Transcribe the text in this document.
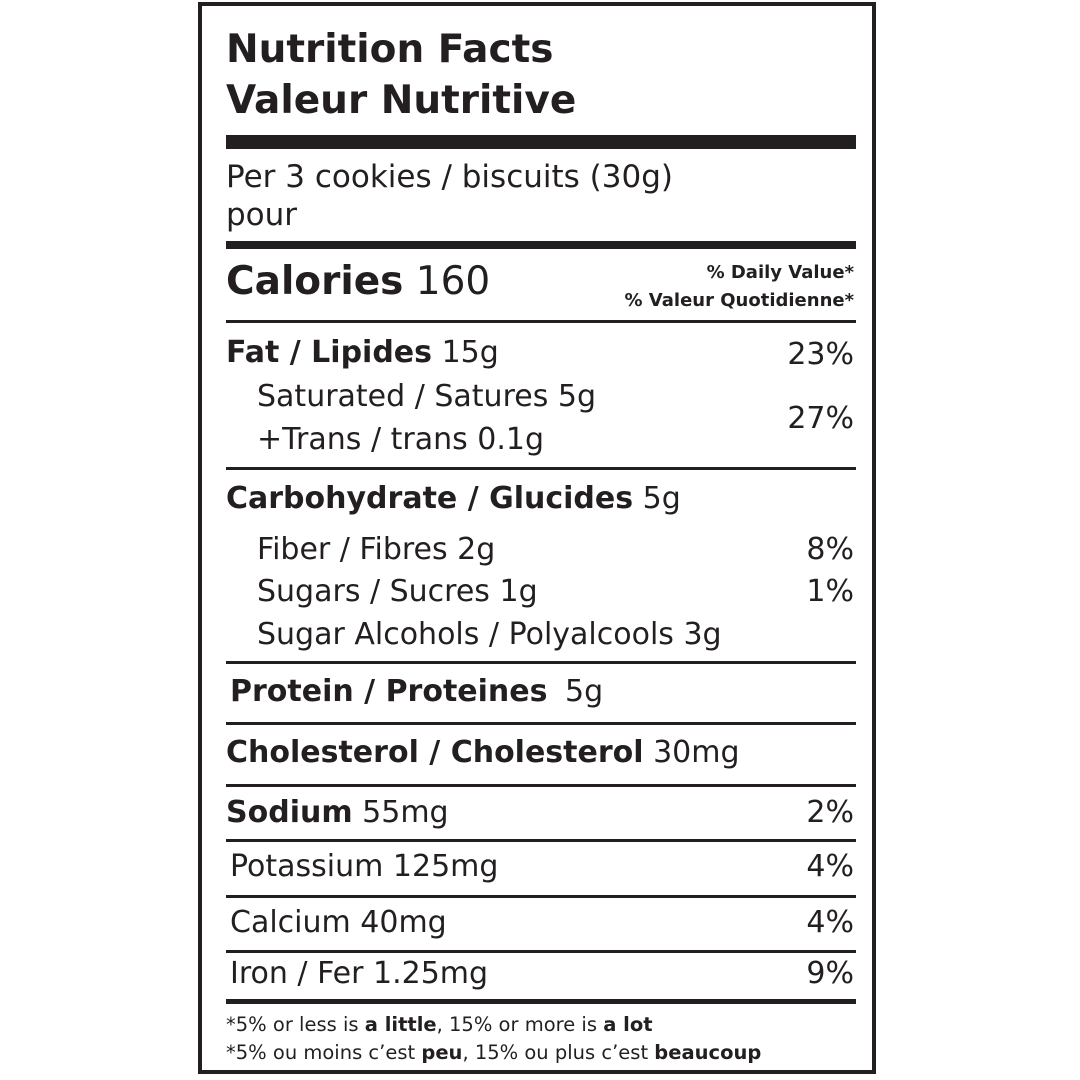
Nutrition Facts
Valeur Nutritive
Per 3 cookies / biscuits (30g)
pour
Calories 160	% Daily Value*
% Valeur Quotidienne*
Fat / Lipides 15g	23%
Saturated / Satures 5g
+Trans / trans 0.1g
27%
Carbohydrate / Glucides 5g
Fiber / Fibres 2g	8%
Sugars / Sucres 1g	1%
Sugar Alcohols / Polyalcools 3g
Protein / Proteines 5g
Cholesterol / Cholesterol 30mg
Sodium 55mg	2%
Potassium 125mg	4%
Calcium 40mg	4%
Iron / Fer 1.25mg	9%
*5% or less is a little, 15% or more is a lot
*5% ou moins c’est peu, 15% ou plus c’est beaucoup
